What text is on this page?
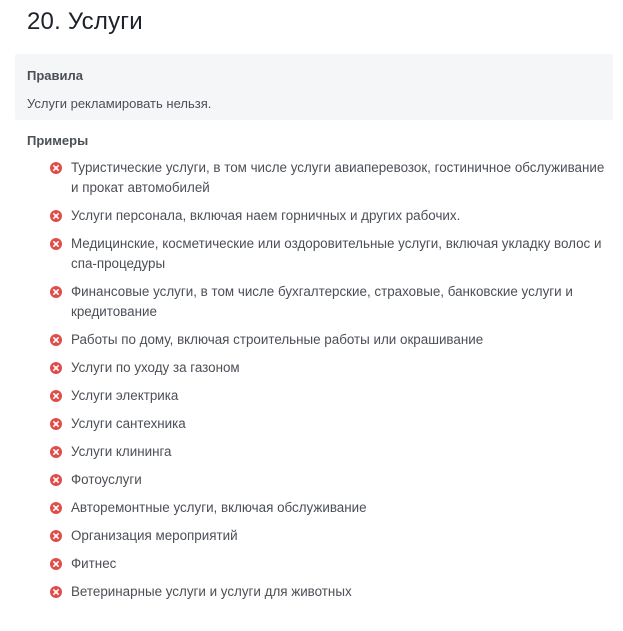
20. Услуги
Правила
Услуги рекламировать нельзя.
Примеры
Туристические услуги, в том числе услуги авиаперевозок, гостиничное обслуживание и прокат автомобилей
Услуги персонала, включая наем горничных и других рабочих.
Медицинские, косметические или оздоровительные услуги, включая укладку волос и спа-процедуры
Финансовые услуги, в том числе бухгалтерские, страховые, банковские услуги и кредитование
Работы по дому, включая строительные работы или окрашивание
Услуги по уходу за газоном
Услуги электрика
Услуги сантехника
Услуги клининга
Фотоуслуги
Авторемонтные услуги, включая обслуживание
Организация мероприятий
Фитнес
Ветеринарные услуги и услуги для животных
